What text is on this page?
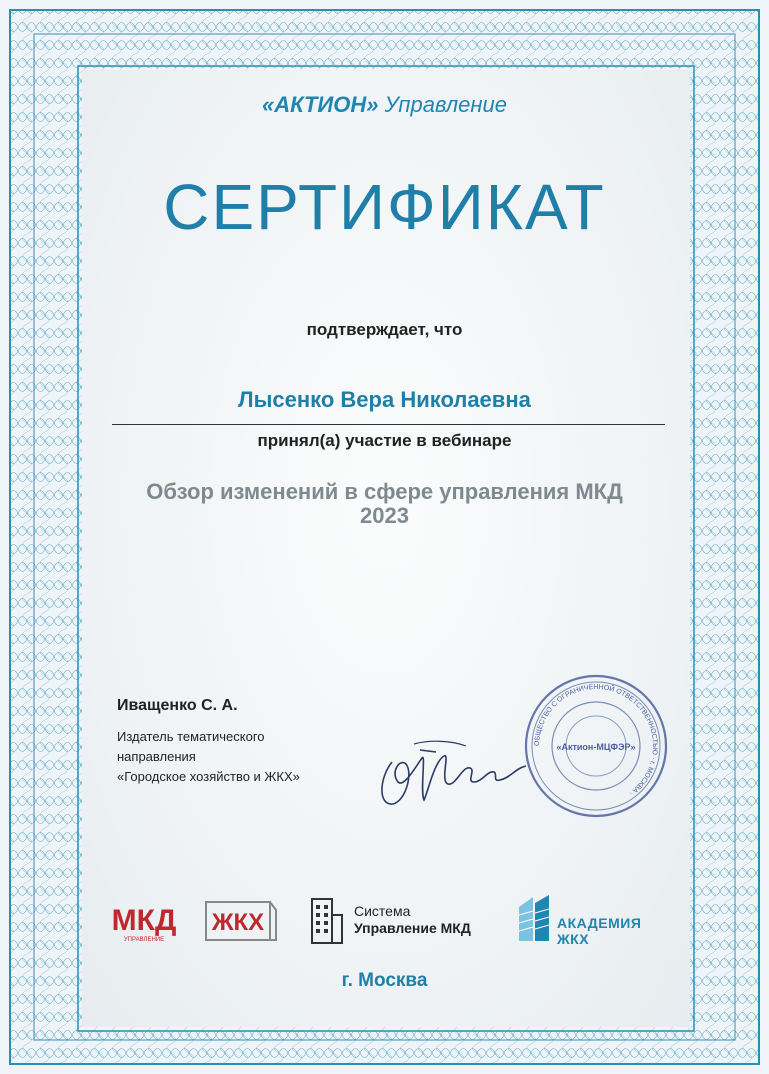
«АКТИОН» Управление
СЕРТИФИКАТ
подтверждает, что
Лысенко Вера Николаевна
принял(а) участие в вебинаре
Обзор изменений в сфере управления МКД
2023
Иващенко С. А.
Издатель тематического
направления
«Городское хозяйство и ЖКХ»
ОБЩЕСТВО С ОГРАНИЧЕННОЙ ОТВЕТСТВЕННОСТЬЮ · г. МОСКВА ·
«Актион-МЦФЭР»
МКД
УПРАВЛЕНИЕ
ЖКХ	Система
Управление МКД	АКАДЕМИЯ ЖКХ
г. Москва
